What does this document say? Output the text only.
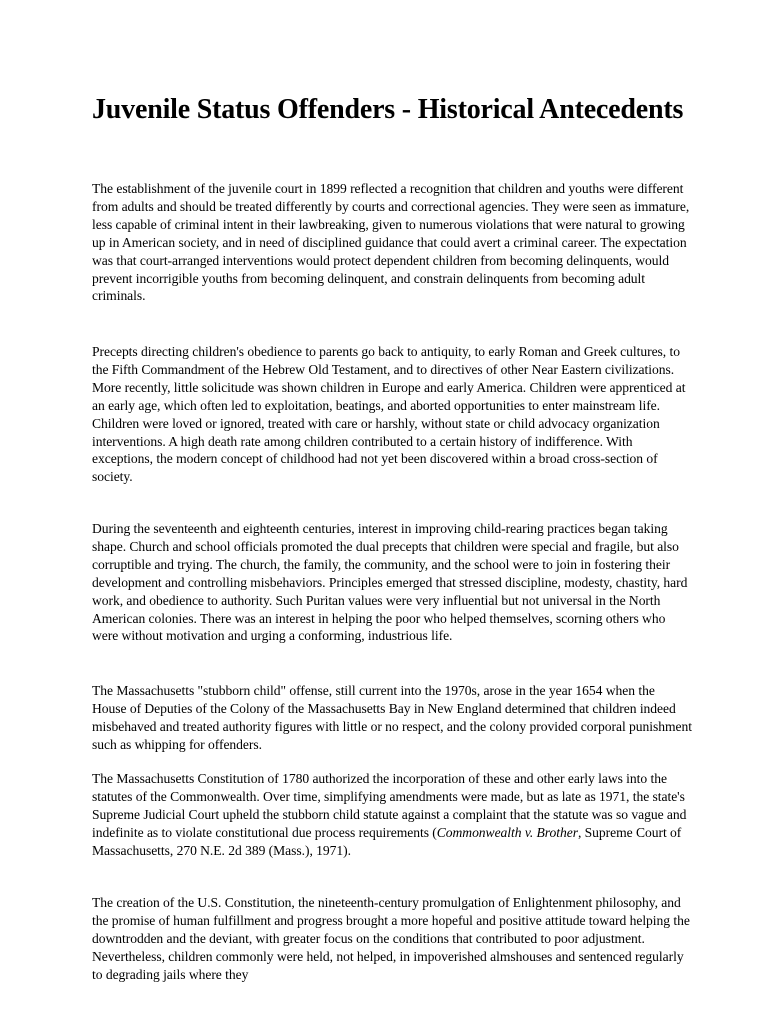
Juvenile Status Offenders - Historical Antecedents

The establishment of the juvenile court in 1899 reflected a recognition that children and youths were different from adults and should be treated differently by courts and correctional agencies. They were seen as immature, less capable of criminal intent in their lawbreaking, given to numerous violations that were natural to growing up in American society, and in need of disciplined guidance that could avert a criminal career. The expectation was that court-arranged interventions would protect dependent children from becoming delinquents, would prevent incorrigible youths from becoming delinquent, and constrain delinquents from becoming adult criminals.

Precepts directing children's obedience to parents go back to antiquity, to early Roman and Greek cultures, to the Fifth Commandment of the Hebrew Old Testament, and to directives of other Near Eastern civilizations. More recently, little solicitude was shown children in Europe and early America. Children were apprenticed at an early age, which often led to exploitation, beatings, and aborted opportunities to enter mainstream life. Children were loved or ignored, treated with care or harshly, without state or child advocacy organization interventions. A high death rate among children contributed to a certain history of indifference. With exceptions, the modern concept of childhood had not yet been discovered within a broad cross-section of society.

During the seventeenth and eighteenth centuries, interest in improving child-rearing practices began taking shape. Church and school officials promoted the dual precepts that children were special and fragile, but also corruptible and trying. The church, the family, the community, and the school were to join in fostering their development and controlling misbehaviors. Principles emerged that stressed discipline, modesty, chastity, hard work, and obedience to authority. Such Puritan values were very influential but not universal in the North American colonies. There was an interest in helping the poor who helped themselves, scorning others who were without motivation and urging a conforming, industrious life.

The Massachusetts "stubborn child" offense, still current into the 1970s, arose in the year 1654 when the House of Deputies of the Colony of the Massachusetts Bay in New England determined that children indeed misbehaved and treated authority figures with little or no respect, and the colony provided corporal punishment such as whipping for offenders.

The Massachusetts Constitution of 1780 authorized the incorporation of these and other early laws into the statutes of the Commonwealth. Over time, simplifying amendments were made, but as late as 1971, the state's Supreme Judicial Court upheld the stubborn child statute against a complaint that the statute was so vague and indefinite as to violate constitutional due process requirements (Commonwealth v. Brother, Supreme Court of Massachusetts, 270 N.E. 2d 389 (Mass.), 1971).

The creation of the U.S. Constitution, the nineteenth-century promulgation of Enlightenment philosophy, and the promise of human fulfillment and progress brought a more hopeful and positive attitude toward helping the downtrodden and the deviant, with greater focus on the conditions that contributed to poor adjustment. Nevertheless, children commonly were held, not helped, in impoverished almshouses and sentenced regularly to degrading jails where they
